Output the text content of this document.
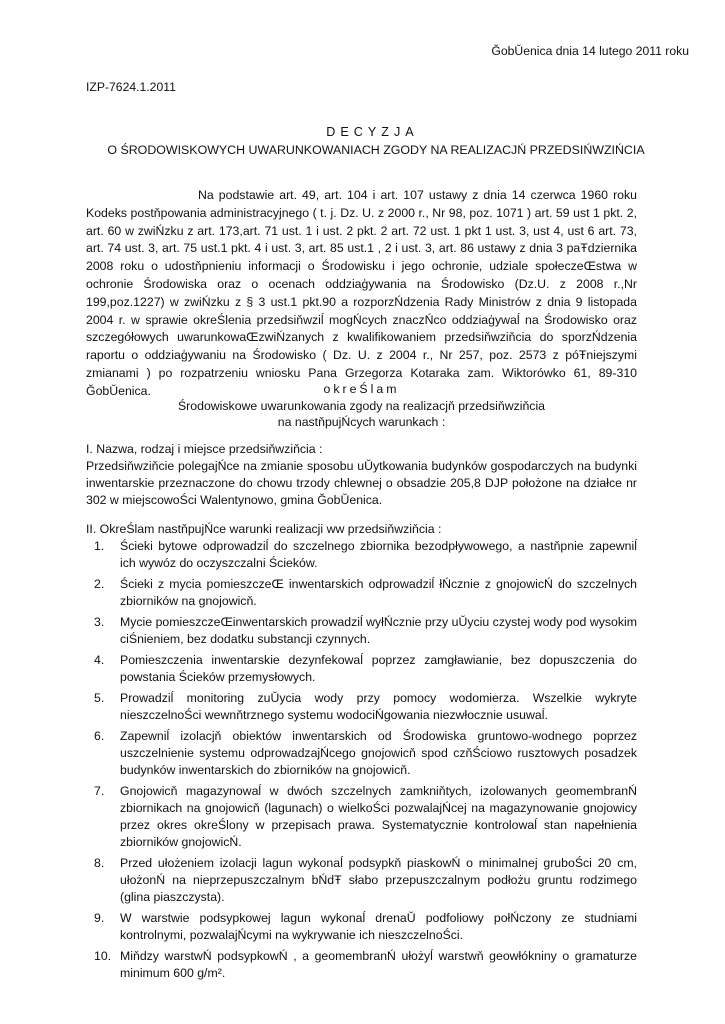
ĞobŬenica dnia 14 lutego 2011 roku
IZP-7624.1.2011
DECYZJA
O ŚRODOWISKOWYCH UWARUNKOWANIACH ZGODY NA REALIZACJŃ PRZEDSIŃWZIŃCIA
Na podstawie art. 49, art. 104 i art. 107 ustawy z dnia 14 czerwca 1960 roku Kodeks postňpowania administracyjnego ( t. j. Dz. U. z 2000 r., Nr 98, poz. 1071 ) art. 59 ust 1 pkt. 2, art. 60 w zwiŃzku z art. 173,art. 71 ust. 1 i ust. 2 pkt. 2 art. 72 ust. 1 pkt 1 ust. 3, ust 4, ust 6 art. 73, art. 74 ust. 3, art. 75 ust.1 pkt. 4 i ust. 3, art. 85 ust.1 , 2 i ust. 3, art. 86 ustawy z dnia 3 paŦdziernika 2008 roku o udostňpnieniu informacji o Środowisku i jego ochronie, udziale społeczeŒstwa w ochronie Środowiska oraz o ocenach oddziaģywania na Środowisko (Dz.U. z 2008 r.,Nr 199,poz.1227) w zwiŃzku z § 3 ust.1 pkt.90 a rozporzŃdzenia Rady Ministrów z dnia 9 listopada 2004 r. w sprawie okreŚlenia przedsiňwziĺ mogŃcych znaczŃco oddziaģywaĺ na Środowisko oraz szczegółowych uwarunkowaŒzwiŃzanych z kwalifikowaniem przedsiňwziňcia do sporzŃdzenia raportu o oddziaģywaniu na Środowisko ( Dz. U. z 2004 r., Nr 257, poz. 2573 z póŦniejszymi zmianami ) po rozpatrzeniu wniosku Pana Grzegorza Kotaraka zam. Wiktorówko 61, 89-310 ĞobŬenica.	okreŚlam
Środowiskowe uwarunkowania zgody na realizacjň przedsiňwziňcia
na nastňpujŃcych warunkach :
I. Nazwa, rodzaj i miejsce przedsiňwziňcia :
Przedsiňwziňcie polegajŃce na zmianie sposobu uŬytkowania budynków gospodarczych na budynki inwentarskie przeznaczone do chowu trzody chlewnej o obsadzie 205,8 DJP położone na działce nr 302 w miejscowoŚci Walentynowo, gmina ĞobŬenica.
II. OkreŚlam nastňpujŃce warunki realizacji ww przedsiňwziňcia :
1.	Ścieki bytowe odprowadziĺ do szczelnego zbiornika bezodpływowego, a nastňpnie zapewniĺ ich wywóz do oczyszczalni Ścieków.
2.	Ścieki z mycia pomieszczeŒ inwentarskich odprowadziĺ łŃcznie z gnojowicŃ do szczelnych zbiorników na gnojowicň.
3.	Mycie pomieszczeŒinwentarskich prowadziĺ wyłŃcznie przy uŬyciu czystej wody pod wysokim ciŚnieniem, bez dodatku substancji czynnych.
4.	Pomieszczenia inwentarskie dezynfekowaĺ poprzez zamgławianie, bez dopuszczenia do powstania Ścieków przemysłowych.
5.	Prowadziĺ monitoring zuŬycia wody przy pomocy wodomierza. Wszelkie wykryte nieszczelnoŚci wewnňtrznego systemu wodociŃgowania niezwłocznie usuwaĺ.
6.	Zapewniĺ izolacjň obiektów inwentarskich od Środowiska gruntowo-wodnego poprzez uszczelnienie systemu odprowadzajŃcego gnojowicň spod czňŚciowo rusztowych posadzek budynków inwentarskich do zbiorników na gnojowicň.
7.	Gnojowicň magazynowaĺ w dwóch szczelnych zamkniňtych, izolowanych geomembranŃ zbiornikach na gnojowicň (lagunach) o wielkoŚci pozwalajŃcej na magazynowanie gnojowicy przez okres okreŚlony w przepisach prawa. Systematycznie kontrolowaĺ stan napełnienia zbiorników gnojowicŃ.
8.	Przed ułożeniem izolacji lagun wykonaĺ podsypkň piaskowŃ o minimalnej gruboŚci 20 cm, ułożonŃ na nieprzepuszczalnym bŃdŦ słabo przepuszczalnym podłożu gruntu rodzimego (glina piaszczysta).
9.	W warstwie podsypkowej lagun wykonaĺ drenaŬ podfoliowy połŃczony ze studniami kontrolnymi, pozwalajŃcymi na wykrywanie ich nieszczelnoŚci.
10. Miňdzy warstwŃ podsypkowŃ , a geomembranŃ ułożyĺ warstwň geowłókniny o gramaturze minimum 600 g/m².
